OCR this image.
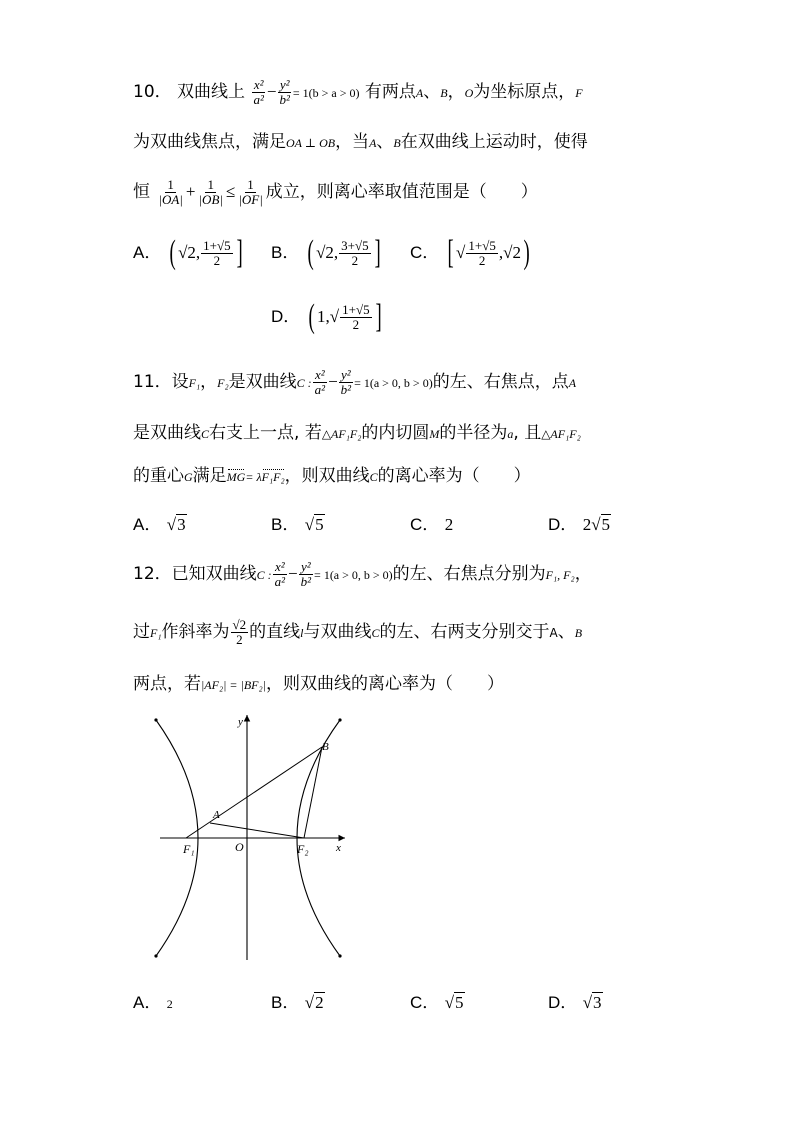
10． 双曲线上 $\frac{\text{x²}}{\text{a²}} - \frac{\text{y²}}{\text{b²}} = 1(b > a > 0)$ 有两点A、B，O为坐标原点，F
为双曲线焦点，满足OA ⊥ OB，当A、B在双曲线上运动时，使得
恒 $\frac{1}{|OA|} + \frac{1}{|OB|} \le \frac{1}{|OF|}$ 成立，则离心率取值范围是（　　）
A． ( √2, $\frac{1+√5}{2}$ ] B． ( √2, $\frac{3+√5}{2}$ ] C． [ √ $\frac{1+√5}{2} ,√2$)
D． ( $1,√ \frac{1+√5}{2}$ ]
11．设F₁，F₂是双曲线C : $\frac{\text{x²}}{\text{a²}} - \frac{\text{y²}}{\text{b²}} = 1(a > 0$, b > 0)的左、右焦点，点A
是双曲线C右支上一点, 若△AF₁F₂的内切圆M的半径为a, 且△AF₁F₂
的重心G满足MG= λF₁F₂，则双曲线C的离心率为（　　）
A． √3	B． √5	C． 2	D． 2√5
12．已知双曲线C : $\frac{\text{x²}}{\text{a²}} - \frac{\text{y²}}{\text{b²}} = 1(a > 0$, b > 0)的左、右焦点分别为F₁, F₂，
过F₁作斜率为 $\frac{√2}{2}$ 的直线l与双曲线C的左、右两支分别交于A、B
两点，若|AF₂| = |BF₂|，则双曲线的离心率为（　　）
y
x
O
A
B
F₁	F₂
A． 2	B． √2	C． √5	D． √3
